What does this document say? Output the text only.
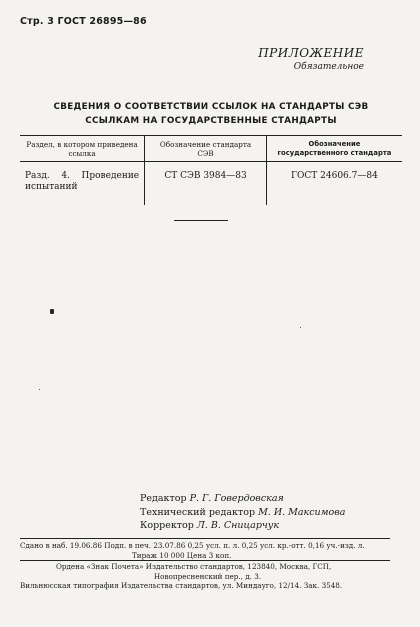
Стр. 3 ГОСТ 26895—86
ПРИЛОЖЕНИЕ
Обязательное
СВЕДЕНИЯ О СООТВЕТСТВИИ ССЫЛОК НА СТАНДАРТЫ СЭВ
ССЫЛКАМ НА ГОСУДАРСТВЕННЫЕ СТАНДАРТЫ
Раздел, в котором приведена ссылка	Обозначение стандарта СЭВ	Обозначение государственного стандарта
Разд. 4. Проведение испытаний	СТ СЭВ 3984—83	ГОСТ 24606.7—84
Редактор Р. Г. Говердовская
Технический редактор М. И. Максимова
Корректор Л. В. Сницарчук
Сдано в наб. 19.06.86 Подп. в печ. 23.07.86 0,25 усл. п. л. 0,25 усл. кр.-отт. 0,16 уч.-изд. л.
Тираж 10 000 Цена 3 коп.
Ордена «Знак Почета» Издательство стандартов, 123840, Москва, ГСП,
Новопресненский пер., д. 3.
Вильнюсская типография Издательства стандартов, ул. Миндауго, 12/14. Зак. 3548.
